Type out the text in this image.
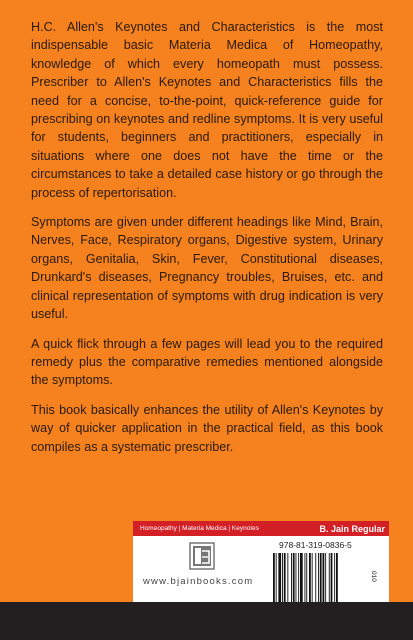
H.C. Allen's Keynotes and Characteristics is the most indispensable basic Materia Medica of Homeopathy, knowledge of which every homeopath must possess. Prescriber to Allen's Keynotes and Characteristics fills the need for a concise, to-the-point, quick-reference guide for prescribing on keynotes and redline symptoms. It is very useful for students, beginners and practitioners, especially in situations where one does not have the time or the circumstances to take a detailed case history or go through the process of repertorisation.

Symptoms are given under different headings like Mind, Brain, Nerves, Face, Respiratory organs, Digestive system, Urinary organs, Genitalia, Skin, Fever, Constitutional diseases, Drunkard's diseases, Pregnancy troubles, Bruises, etc. and clinical representation of symptoms with drug indication is very useful.

A quick flick through a few pages will lead you to the required remedy plus the comparative remedies mentioned alongside the symptoms.

This book basically enhances the utility of Allen's Keynotes by way of quicker application in the practical field, as this book compiles as a systematic prescriber.

Homeopathy | Materia Medica | Keynotes	B. Jain Regular
www.bjainbooks.com
978-81-319-0836-5
010
